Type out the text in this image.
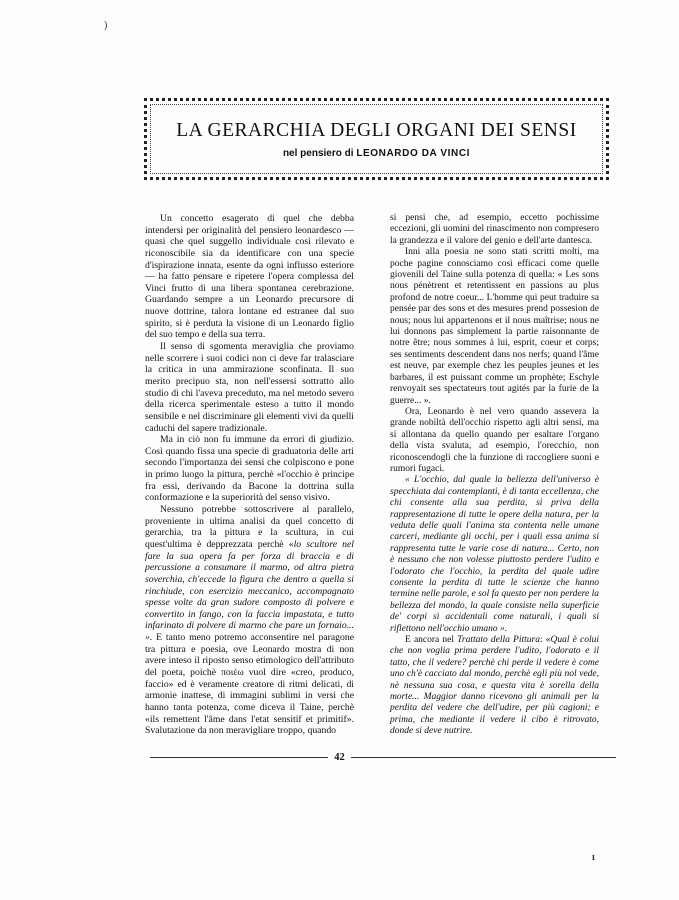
LA GERARCHIA DEGLI ORGANI DEI SENSI
nel pensiero di LEONARDO DA VINCI

Un concetto esagerato di quel che debba intendersi per originalità del pensiero leonardesco — quasi che quel suggello individuale così rilevato e riconoscibile sia da identificare con una specie d'ispirazione innata, esente da ogni influsso esteriore — ha fatto pensare e ripetere l'opera complessa del Vinci frutto di una libera spontanea cerebrazione. Guardando sempre a un Leonardo precursore di nuove dottrine, talora lontane ed estranee dal suo spirito, si è perduta la visione di un Leonardo figlio del suo tempo e della sua terra.

Il senso di sgomenta meraviglia che proviamo nelle scorrere i suoi codici non ci deve far tralasciare la critica in una ammirazione sconfinata. Il suo merito precipuo sta, non nell'essersi sottratto allo studio di chi l'aveva preceduto, ma nel metodo severo della ricerca sperimentale esteso a tutto il mondo sensibile e nel discriminare gli elementi vivi da quelli caduchi del sapere tradizionale.

Ma in ciò non fu immune da errori di giudizio. Così quando fissa una specie di graduatoria delle arti secondo l'importanza dei sensi che colpiscono e pone in primo luogo la pittura, perchè «l'occhio è principe fra essi, derivando da Bacone la dottrina sulla conformazione e la superiorità del senso visivo.

Nessuno potrebbe sottoscrivere al parallelo, proveniente in ultima analisi da quel concetto di gerarchia, tra la pittura e la scultura, in cui quest'ultima è depprezzata perchè «lo scultore nel fare la sua opera fa per forza di braccia e di percussione a consumare il marmo, od altra pietra soverchia, ch'eccede la figura che dentro a quella si rinchiude, con esercizio meccanico, accompagnato spesse volte da gran sudore composto di polvere e convertito in fango, con la faccia impastata, e tutto infarinato di polvere di marmo che pare un fornaio... ». E tanto meno potremo acconsentire nel paragone tra pittura e poesia, ove Leonardo mostra di non avere inteso il riposto senso etimologico dell'attributo del poeta, poichè ποιέω vuol dire «creo, produco, faccio» ed è veramente creatore di ritmi delicati, di armonie inattese, di immagini sublimi in versi che hanno tanta potenza, come diceva il Taine, perchè «ils remettent l'âme dans l'etat sensitif et primitif». Svalutazione da non meravigliare troppo, quando

si pensi che, ad esempio, eccetto pochissime eccezioni, gli uomini del rinascimento non compresero la grandezza e il valore del genio e dell'arte dantesca.

Inni alla poesia ne sono stati scritti molti, ma poche pagine conosciamo così efficaci come quelle giovenili del Taine sulla potenza di quella: « Les sons nous pénètrent et retentissent en passions au plus profond de notre coeur... L'homme qui peut traduire sa pensée par des sons et des mesures prend possesion de nous; nous lui appartenons et il nous maîtrise; nous ne lui donnons pas simplement la partie raisonnante de notre être; nous sommes à lui, esprit, coeur et corps; ses sentiments descendent dans nos nerfs; quand l'âme est neuve, par exemple chez les peuples jeunes et les barbares, il est puissant comme un prophète; Eschyle renvoyait ses spectateurs tout agités par la furie de la guerre... ».

Ora, Leonardo è nel vero quando assevera la grande nobiltà dell'occhio rispetto agli altri sensi, ma si allontana da quello quando per esaltare l'organo della vista svaluta, ad esempio, l'orecchio, non riconoscendogli che la funzione di raccogliere suoni e rumori fugaci.

« L'occhio, dal quale la bellezza dell'universo è specchiata dai contemplanti, è di tanta eccellenza, che chi consente alla sua perdita, si priva della rappresentazione di tutte le opere della natura, per la veduta delle quali l'anima sta contenta nelle umane carceri, mediante gli occhi, per i quali essa anima si rappresenta tutte le varie cose di natura... Certo, non è nessuno che non volesse piuttosto perdere l'udito e l'odorato che l'occhio, la perdita del quale udire consente la perdita di tutte le scienze che hanno termine nelle parole, e sol fa questo per non perdere la bellezza del mondo, la quale consiste nella superficie de' corpi sì accidentali come naturali, i quali si riflettono nell'occhio umano ».

E ancora nel Trattato della Pittura: «Qual è colui che non voglia prima perdere l'udito, l'odorato e il tatto, che il vedere? perchè chi perde il vedere è come uno ch'è cacciato dal mondo, perchè egli più nol vede, nè nessuna sua cosa, e questa vita è sorella della morte... Maggior danno ricevono gli animali per la perdita del vedere che dell'udire, per più cagioni; e prima, che mediante il vedere il cibo è ritrovato, donde si deve nutrire.

42
)
ı
